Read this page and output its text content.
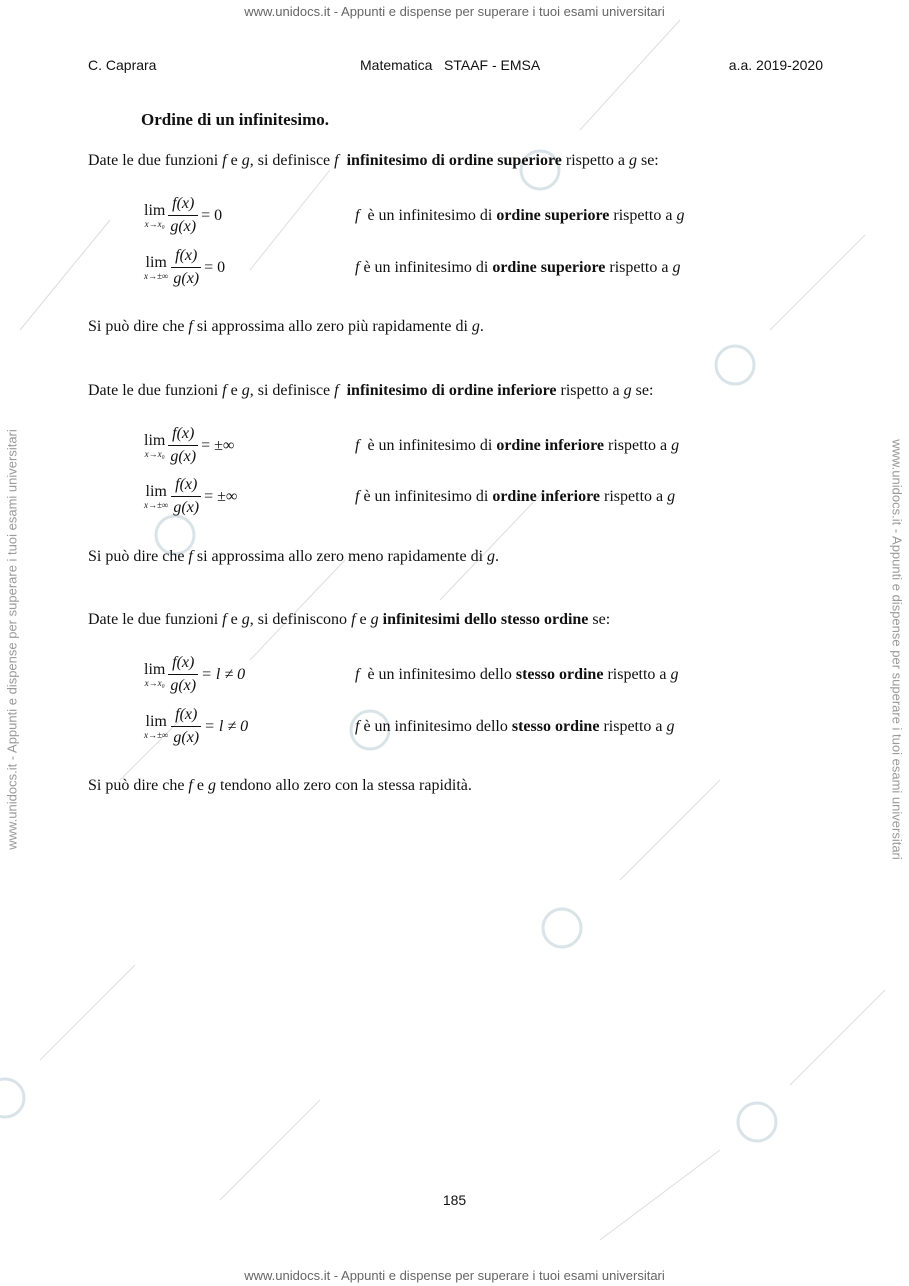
www.unidocs.it - Appunti e dispense per superare i tuoi esami universitari
www.unidocs.it - Appunti e dispense per superare i tuoi esami universitari	www.unidocs.it - Appunti e dispense per superare i tuoi esami universitari
C. Caprara	Matematica   STAAF - EMSA	a.a. 2019-2020
Ordine di un infinitesimo.
Date le due funzioni f e g, si definisce f infinitesimo di ordine superiore rispetto a g se:
lim
$x\to x_0 \frac{f(x)}{g(x)} = 0$	f è un infinitesimo di ordine superiore rispetto a g
lim
$x\to\pm\infty \frac{f(x)}{g(x)} = 0$	f è un infinitesimo di ordine superiore rispetto a g
Si può dire che f si approssima allo zero più rapidamente di g.
Date le due funzioni f e g, si definisce f infinitesimo di ordine inferiore rispetto a g se:
lim
$x\to x_0 \frac{f(x)}{g(x)}$ = ±∞	f è un infinitesimo di ordine inferiore rispetto a g
lim
$x\to\pm\infty \frac{f(x)}{g(x)}$ = ±∞	f è un infinitesimo di ordine inferiore rispetto a g
Si può dire che f si approssima allo zero meno rapidamente di g.
Date le due funzioni f e g, si definiscono f e g infinitesimi dello stesso ordine se:
lim
$x\to x_0 \frac{f(x)}{g(x)} = l \ne 0$	f è un infinitesimo dello stesso ordine rispetto a g
lim
$x\to\pm\infty \frac{f(x)}{g(x)} = l \ne 0$	f è un infinitesimo dello stesso ordine rispetto a g
Si può dire che f e g tendono allo zero con la stessa rapidità.
185
www.unidocs.it - Appunti e dispense per superare i tuoi esami universitari
